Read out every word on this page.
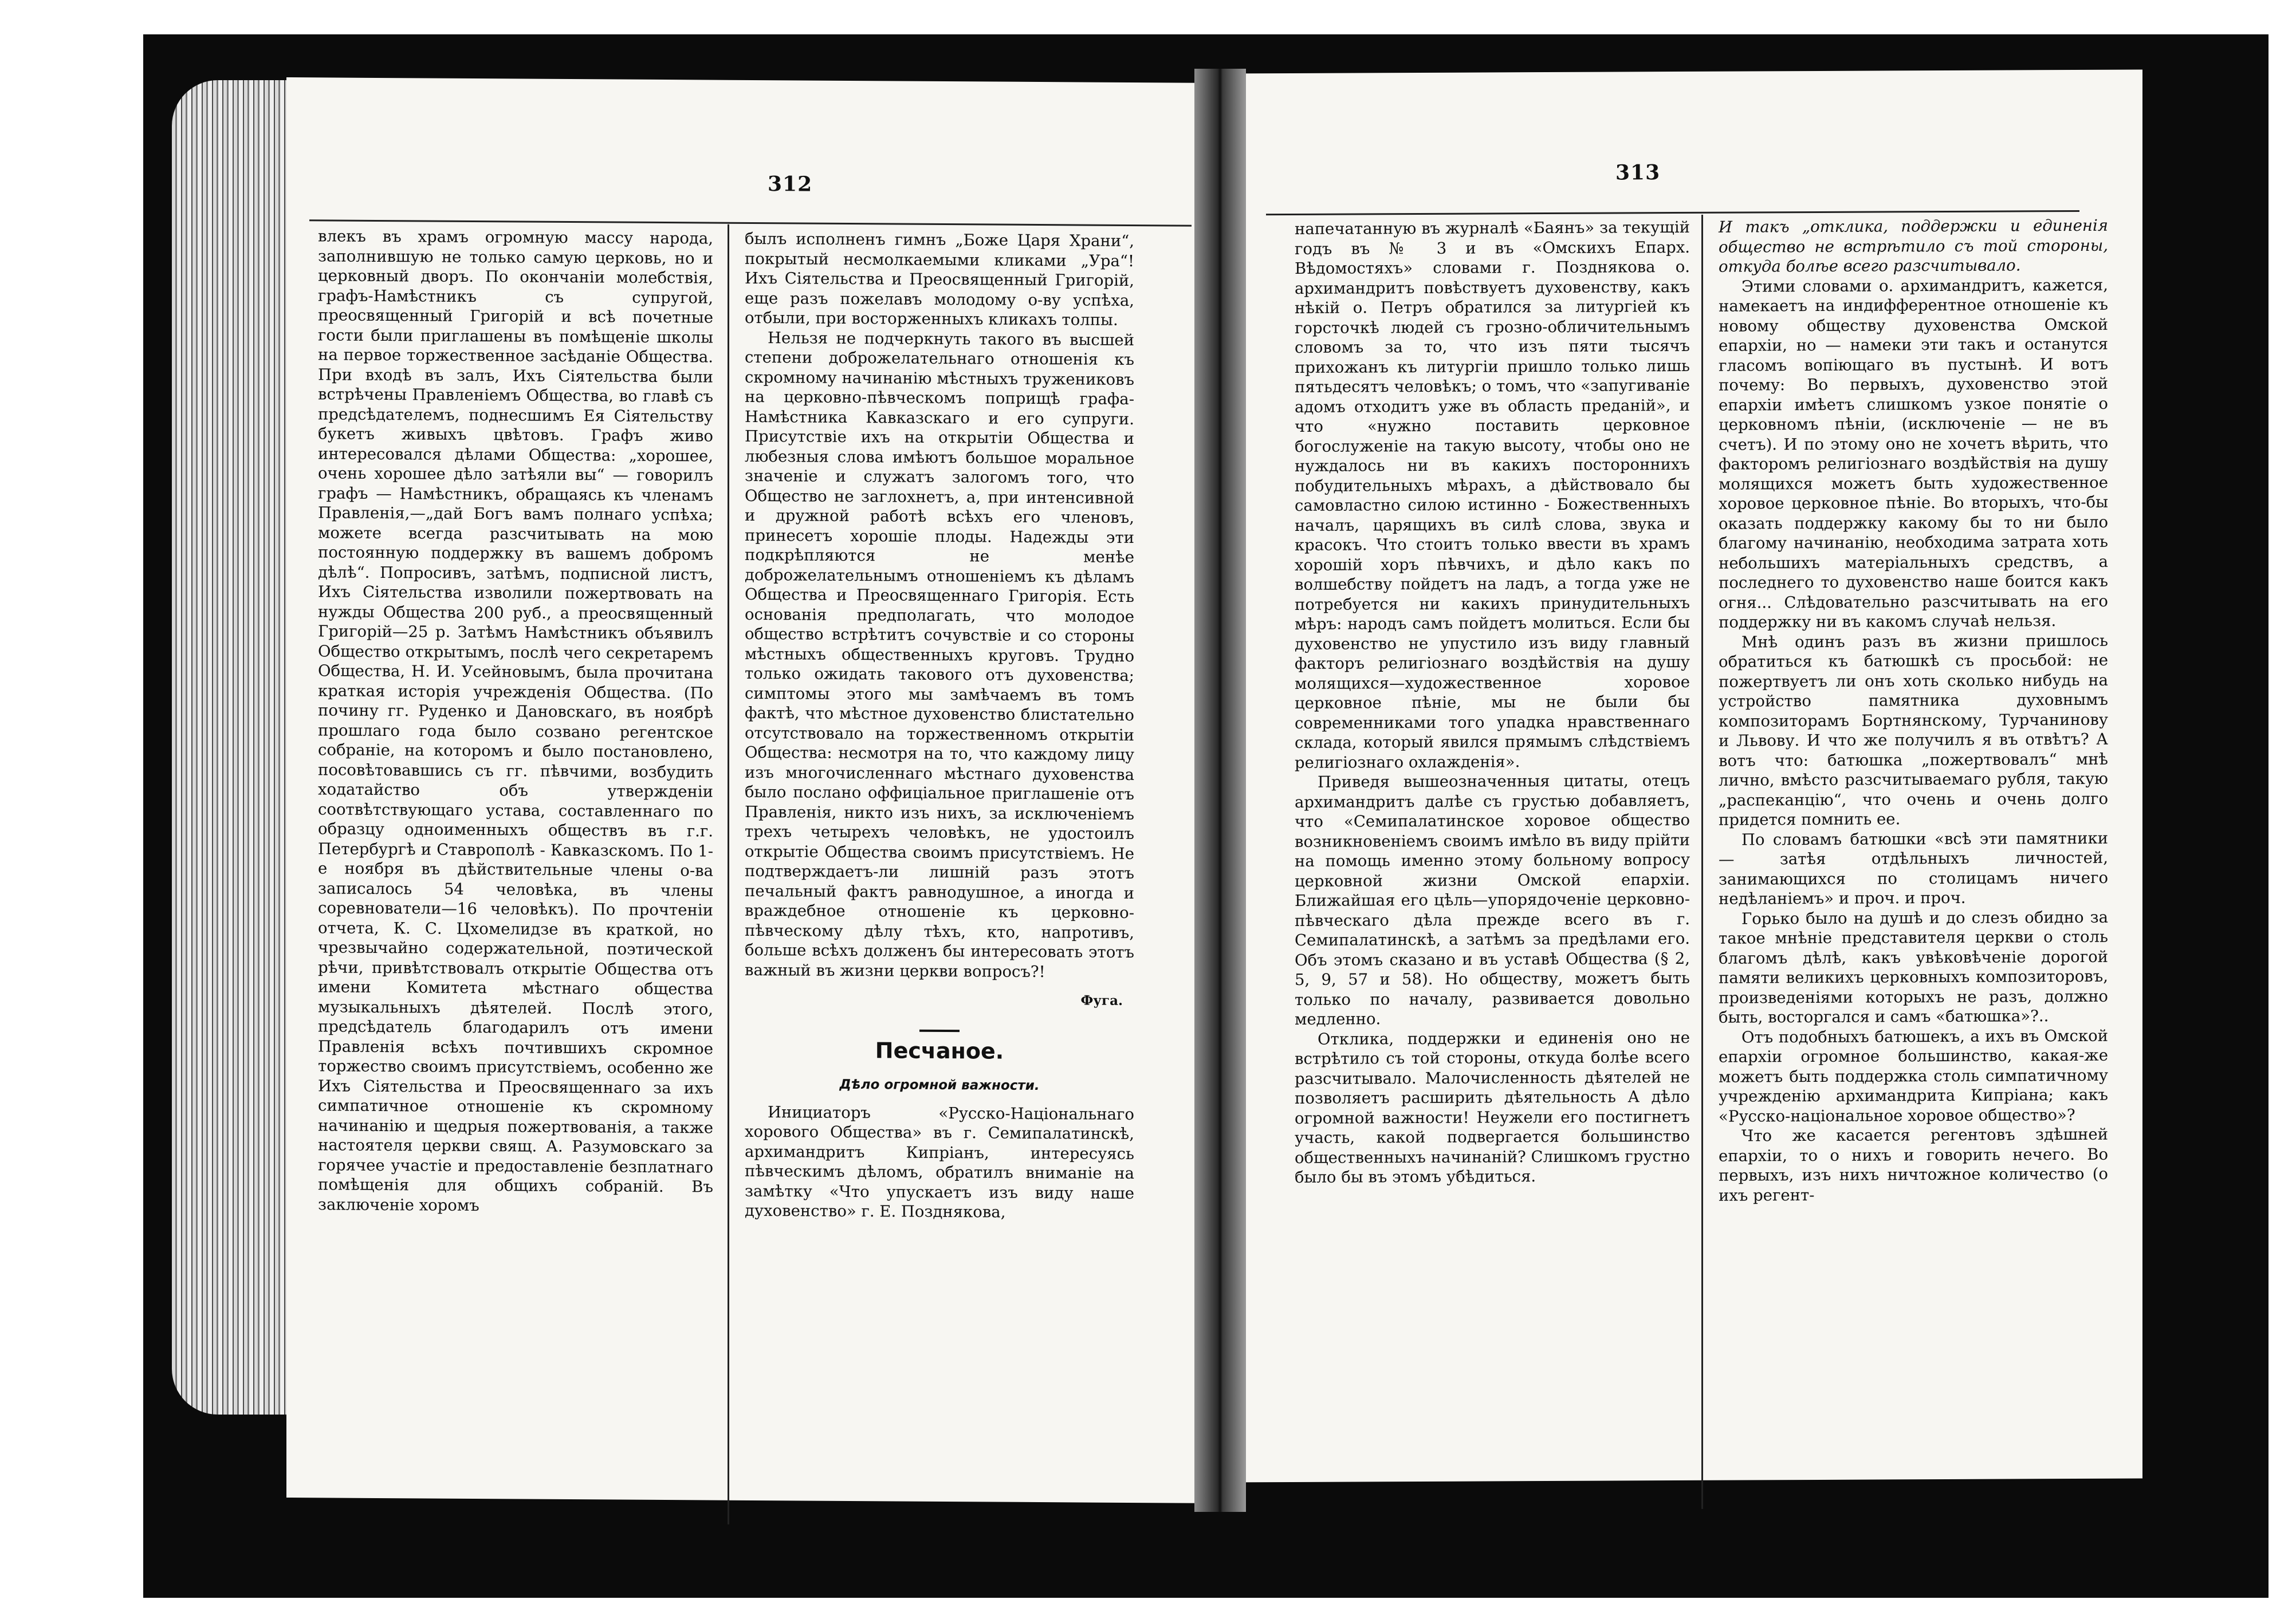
312

влекъ въ храмъ огромную массу народа, заполнившую не только самую церковь, но и церковный дворъ. По окончаніи молебствія, графъ-Намѣстникъ съ супругой, преосвященный Григорій и всѣ почетные гости были приглашены въ помѣщеніе школы на первое торжественное засѣданіе Общества. При входѣ въ залъ, Ихъ Сіятельства были встрѣчены Правленіемъ Общества, во главѣ съ предсѣдателемъ, поднесшимъ Ея Сіятельству букетъ живыхъ цвѣтовъ. Графъ живо интересовался дѣлами Общества: „хорошее, очень хорошее дѣло затѣяли вы“ — говорилъ графъ — Намѣстникъ, обращаясь къ членамъ Правленія,—„дай Богъ вамъ полнаго успѣха; можете всегда разсчитывать на мою постоянную поддержку въ вашемъ добромъ дѣлѣ“. Попросивъ, затѣмъ, подписной листъ, Ихъ Сіятельства изволили пожертвовать на нужды Общества 200 руб., а преосвященный Григорій—25 р. Затѣмъ Намѣстникъ объявилъ Общество открытымъ, послѣ чего секретаремъ Общества, Н. И. Усейновымъ, была прочитана краткая исторія учрежденія Общества. (По почину гг. Руденко и Дановскаго, въ ноябрѣ прошлаго года было созвано регентское собраніе, на которомъ и было постановлено, посовѣтовавшись съ гг. пѣвчими, возбудить ходатайство объ утвержденіи соотвѣтствующаго устава, составленнаго по образцу одноименныхъ обществъ въ г.г. Петербургѣ и Ставрополѣ - Кавказскомъ. По 1-е ноября въ дѣйствительные члены о-ва записалось 54 человѣка, въ члены соревнователи—16 человѣкъ). По прочтеніи отчета, К. С. Цхомелидзе въ краткой, но чрезвычайно содержательной, поэтической рѣчи, привѣтствовалъ открытіе Общества отъ имени Комитета мѣстнаго общества музыкальныхъ дѣятелей. Послѣ этого, предсѣдатель благодарилъ отъ имени Правленія всѣхъ почтившихъ скромное торжество своимъ присутствіемъ, особенно же Ихъ Сіятельства и Преосвященнаго за ихъ симпатичное отношеніе къ скромному начинанію и щедрыя пожертвованія, а также настоятеля церкви свящ. А. Разумовскаго за горячее участіе и предоставленіе безплатнаго помѣщенія для общихъ собраній. Въ заключеніе хоромъ

былъ исполненъ гимнъ „Боже Царя Храни“, покрытый несмолкаемыми кликами „Ура“! Ихъ Сіятельства и Преосвященный Григорій, еще разъ пожелавъ молодому о-ву успѣха, отбыли, при восторженныхъ кликахъ толпы.

Нельзя не подчеркнуть такого въ высшей степени доброжелательнаго отношенія къ скромному начинанію мѣстныхъ тружениковъ на церковно-пѣвческомъ поприщѣ графа-Намѣстника Кавказскаго и его супруги. Присутствіе ихъ на открытіи Общества и любезныя слова имѣютъ большое моральное значеніе и служатъ залогомъ того, что Общество не заглохнетъ, а, при интенсивной и дружной работѣ всѣхъ его членовъ, принесетъ хорошіе плоды. Надежды эти подкрѣпляются не менѣе доброжелательнымъ отношеніемъ къ дѣламъ Общества и Преосвященнаго Григорія. Есть основанія предполагать, что молодое общество встрѣтитъ сочувствіе и со стороны мѣстныхъ общественныхъ круговъ. Трудно только ожидать такового отъ духовенства; симптомы этого мы замѣчаемъ въ томъ фактѣ, что мѣстное духовенство блистательно отсутствовало на торжественномъ открытіи Общества: несмотря на то, что каждому лицу изъ многочисленнаго мѣстнаго духовенства было послано оффиціальное приглашеніе отъ Правленія, никто изъ нихъ, за исключеніемъ трехъ четырехъ человѣкъ, не удостоилъ открытіе Общества своимъ присутствіемъ. Не подтверждаетъ-ли лишній разъ этотъ печальный фактъ равнодушное, а иногда и враждебное отношеніе къ церковно-пѣвческому дѣлу тѣхъ, кто, напротивъ, больше всѣхъ долженъ бы интересовать этотъ важный въ жизни церкви вопросъ?!

Фуга.
Песчаное.
Дѣло огромной важности.

Инициаторъ «Русско-Національнаго хорового Общества» въ г. Семипалатинскѣ, архимандритъ Кипріанъ, интересуясь пѣвческимъ дѣломъ, обратилъ вниманіе на замѣтку «Что упускаетъ изъ виду наше духовенство» г. Е. Позднякова,

313

напечатанную въ журналѣ «Баянъ» за текущій годъ въ № 3 и въ «Омскихъ Епарх. Вѣдомостяхъ» словами г. Позднякова о. архимандритъ повѣствуетъ духовенству, какъ нѣкій о. Петръ обратился за литургіей къ горсточкѣ людей съ грозно-обличительнымъ словомъ за то, что изъ пяти тысячъ прихожанъ къ литургіи пришло только лишь пятьдесятъ человѣкъ; о томъ, что «запугиваніе адомъ отходитъ уже въ область преданій», и что «нужно поставить церковное богослуженіе на такую высоту, чтобы оно не нуждалось ни въ какихъ постороннихъ побудительныхъ мѣрахъ, а дѣйствовало бы самовластно силою истинно - Божественныхъ началъ, царящихъ въ силѣ слова, звука и красокъ. Что стоитъ только ввести въ храмъ хорошій хоръ пѣвчихъ, и дѣло какъ по волшебству пойдетъ на ладъ, а тогда уже не потребуется ни какихъ принудительныхъ мѣръ: народъ самъ пойдетъ молиться. Если бы духовенство не упустило изъ виду главный факторъ религіознаго воздѣйствія на душу молящихся—художественное хоровое церковное пѣніе, мы не были бы современниками того упадка нравственнаго склада, который явился прямымъ слѣдствіемъ религіознаго охлажденія».

Приведя вышеозначенныя цитаты, отецъ архимандритъ далѣе съ грустью добавляетъ, что «Семипалатинское хоровое общество возникновеніемъ своимъ имѣло въ виду прійти на помощь именно этому больному вопросу церковной жизни Омской епархіи. Ближайшая его цѣль—упорядоченіе церковно-пѣвческаго дѣла прежде всего въ г. Семипалатинскѣ, а затѣмъ за предѣлами его. Объ этомъ сказано и въ уставѣ Общества (§ 2, 5, 9, 57 и 58). Но обществу, можетъ быть только по началу, развивается довольно медленно.

Отклика, поддержки и единенія оно не встрѣтило съ той стороны, откуда болѣе всего разсчитывало. Малочисленность дѣятелей не позволяетъ расширить дѣятельность А дѣло огромной важности! Неужели его постигнетъ участь, какой подвергается большинство общественныхъ начинаній? Слишкомъ грустно было бы въ этомъ убѣдиться.

И такъ „отклика, поддержки и единенія общество не встрѣтило съ той стороны, откуда болѣе всего разсчитывало.

Этими словами о. архимандритъ, кажется, намекаетъ на индифферентное отношеніе къ новому обществу духовенства Омской епархіи, но — намеки эти такъ и останутся гласомъ вопіющаго въ пустынѣ. И вотъ почему: Во первыхъ, духовенство этой епархіи имѣетъ слишкомъ узкое понятіе о церковномъ пѣніи, (исключеніе — не въ счетъ). И по этому оно не хочетъ вѣрить, что факторомъ религіознаго воздѣйствія на душу молящихся можетъ быть художественное хоровое церковное пѣніе. Во вторыхъ, что-бы оказать поддержку какому бы то ни было благому начинанію, необходима затрата хоть небольшихъ матеріальныхъ средствъ, а последнего то духовенство наше боится какъ огня... Слѣдовательно разсчитывать на его поддержку ни въ какомъ случаѣ нельзя.

Мнѣ одинъ разъ въ жизни пришлось обратиться къ батюшкѣ съ просьбой: не пожертвуетъ ли онъ хоть сколько нибудь на устройство памятника духовнымъ композиторамъ Бортнянскому, Турчанинову и Львову. И что же получилъ я въ отвѣтъ? А вотъ что: батюшка „пожертвовалъ“ мнѣ лично, вмѣсто разсчитываемаго рубля, такую „распеканцію“, что очень и очень долго придется помнить ее.

По словамъ батюшки «всѣ эти памятники — затѣя отдѣльныхъ личностей, занимающихся по столицамъ ничего недѣланіемъ» и проч. и проч.

Горько было на душѣ и до слезъ обидно за такое мнѣніе представителя церкви о столь благомъ дѣлѣ, какъ увѣковѣченіе дорогой памяти великихъ церковныхъ композиторовъ, произведеніями которыхъ не разъ, должно быть, восторгался и самъ «батюшка»?..

Отъ подобныхъ батюшекъ, а ихъ въ Омской епархіи огромное большинство, какая-же можетъ быть поддержка столь симпатичному учрежденію архимандрита Кипріана; какъ «Русско-національное хоровое общество»?

Что же касается регентовъ здѣшней епархіи, то о нихъ и говорить нечего. Во первыхъ, изъ нихъ ничтожное количество (о ихъ регент-
